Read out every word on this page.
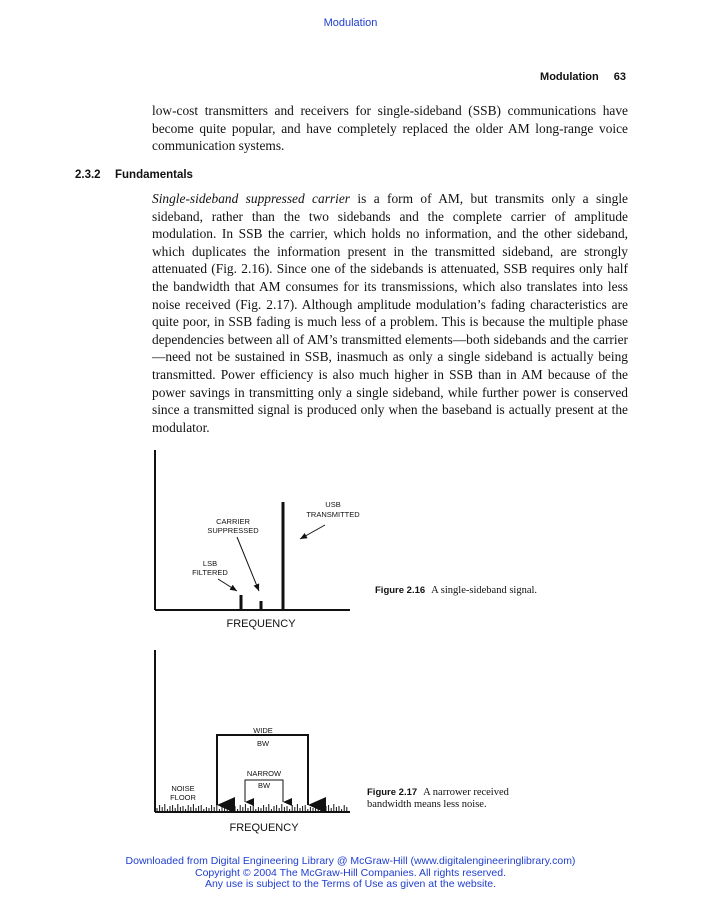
Modulation
Modulation 63

low-cost transmitters and receivers for single-sideband (SSB) communications have become quite popular, and have completely replaced the older AM long-range voice communication systems.

2.3.2 Fundamentals

Single-sideband suppressed carrier is a form of AM, but transmits only a single sideband, rather than the two sidebands and the complete carrier of amplitude modulation. In SSB the carrier, which holds no information, and the other sideband, which duplicates the information present in the transmitted sideband, are strongly attenuated (Fig. 2.16). Since one of the sidebands is attenuated, SSB requires only half the bandwidth that AM consumes for its transmissions, which also translates into less noise received (Fig. 2.17). Although amplitude modulation’s fading characteristics are quite poor, in SSB fading is much less of a problem. This is because the multiple phase dependencies between all of AM’s transmitted elements—both sidebands and the carrier—need not be sustained in SSB, inasmuch as only a single sideband is actually being transmitted. Power efficiency is also much higher in SSB than in AM because of the power savings in transmitting only a single sideband, while further power is conserved since a transmitted signal is produced only when the baseband is actually present at the modulator.

USB
TRANSMITTED
CARRIER
SUPPRESSED
LSB
FILTERED
FREQUENCY
Figure 2.16 A single-sideband signal.
WIDE
BW
NARROW
BW
NOISE
FLOOR
FREQUENCY
Figure 2.17 A narrower received bandwidth means less noise.
Downloaded from Digital Engineering Library @ McGraw-Hill (www.digitalengineeringlibrary.com)
Copyright © 2004 The McGraw-Hill Companies. All rights reserved.
Any use is subject to the Terms of Use as given at the website.
